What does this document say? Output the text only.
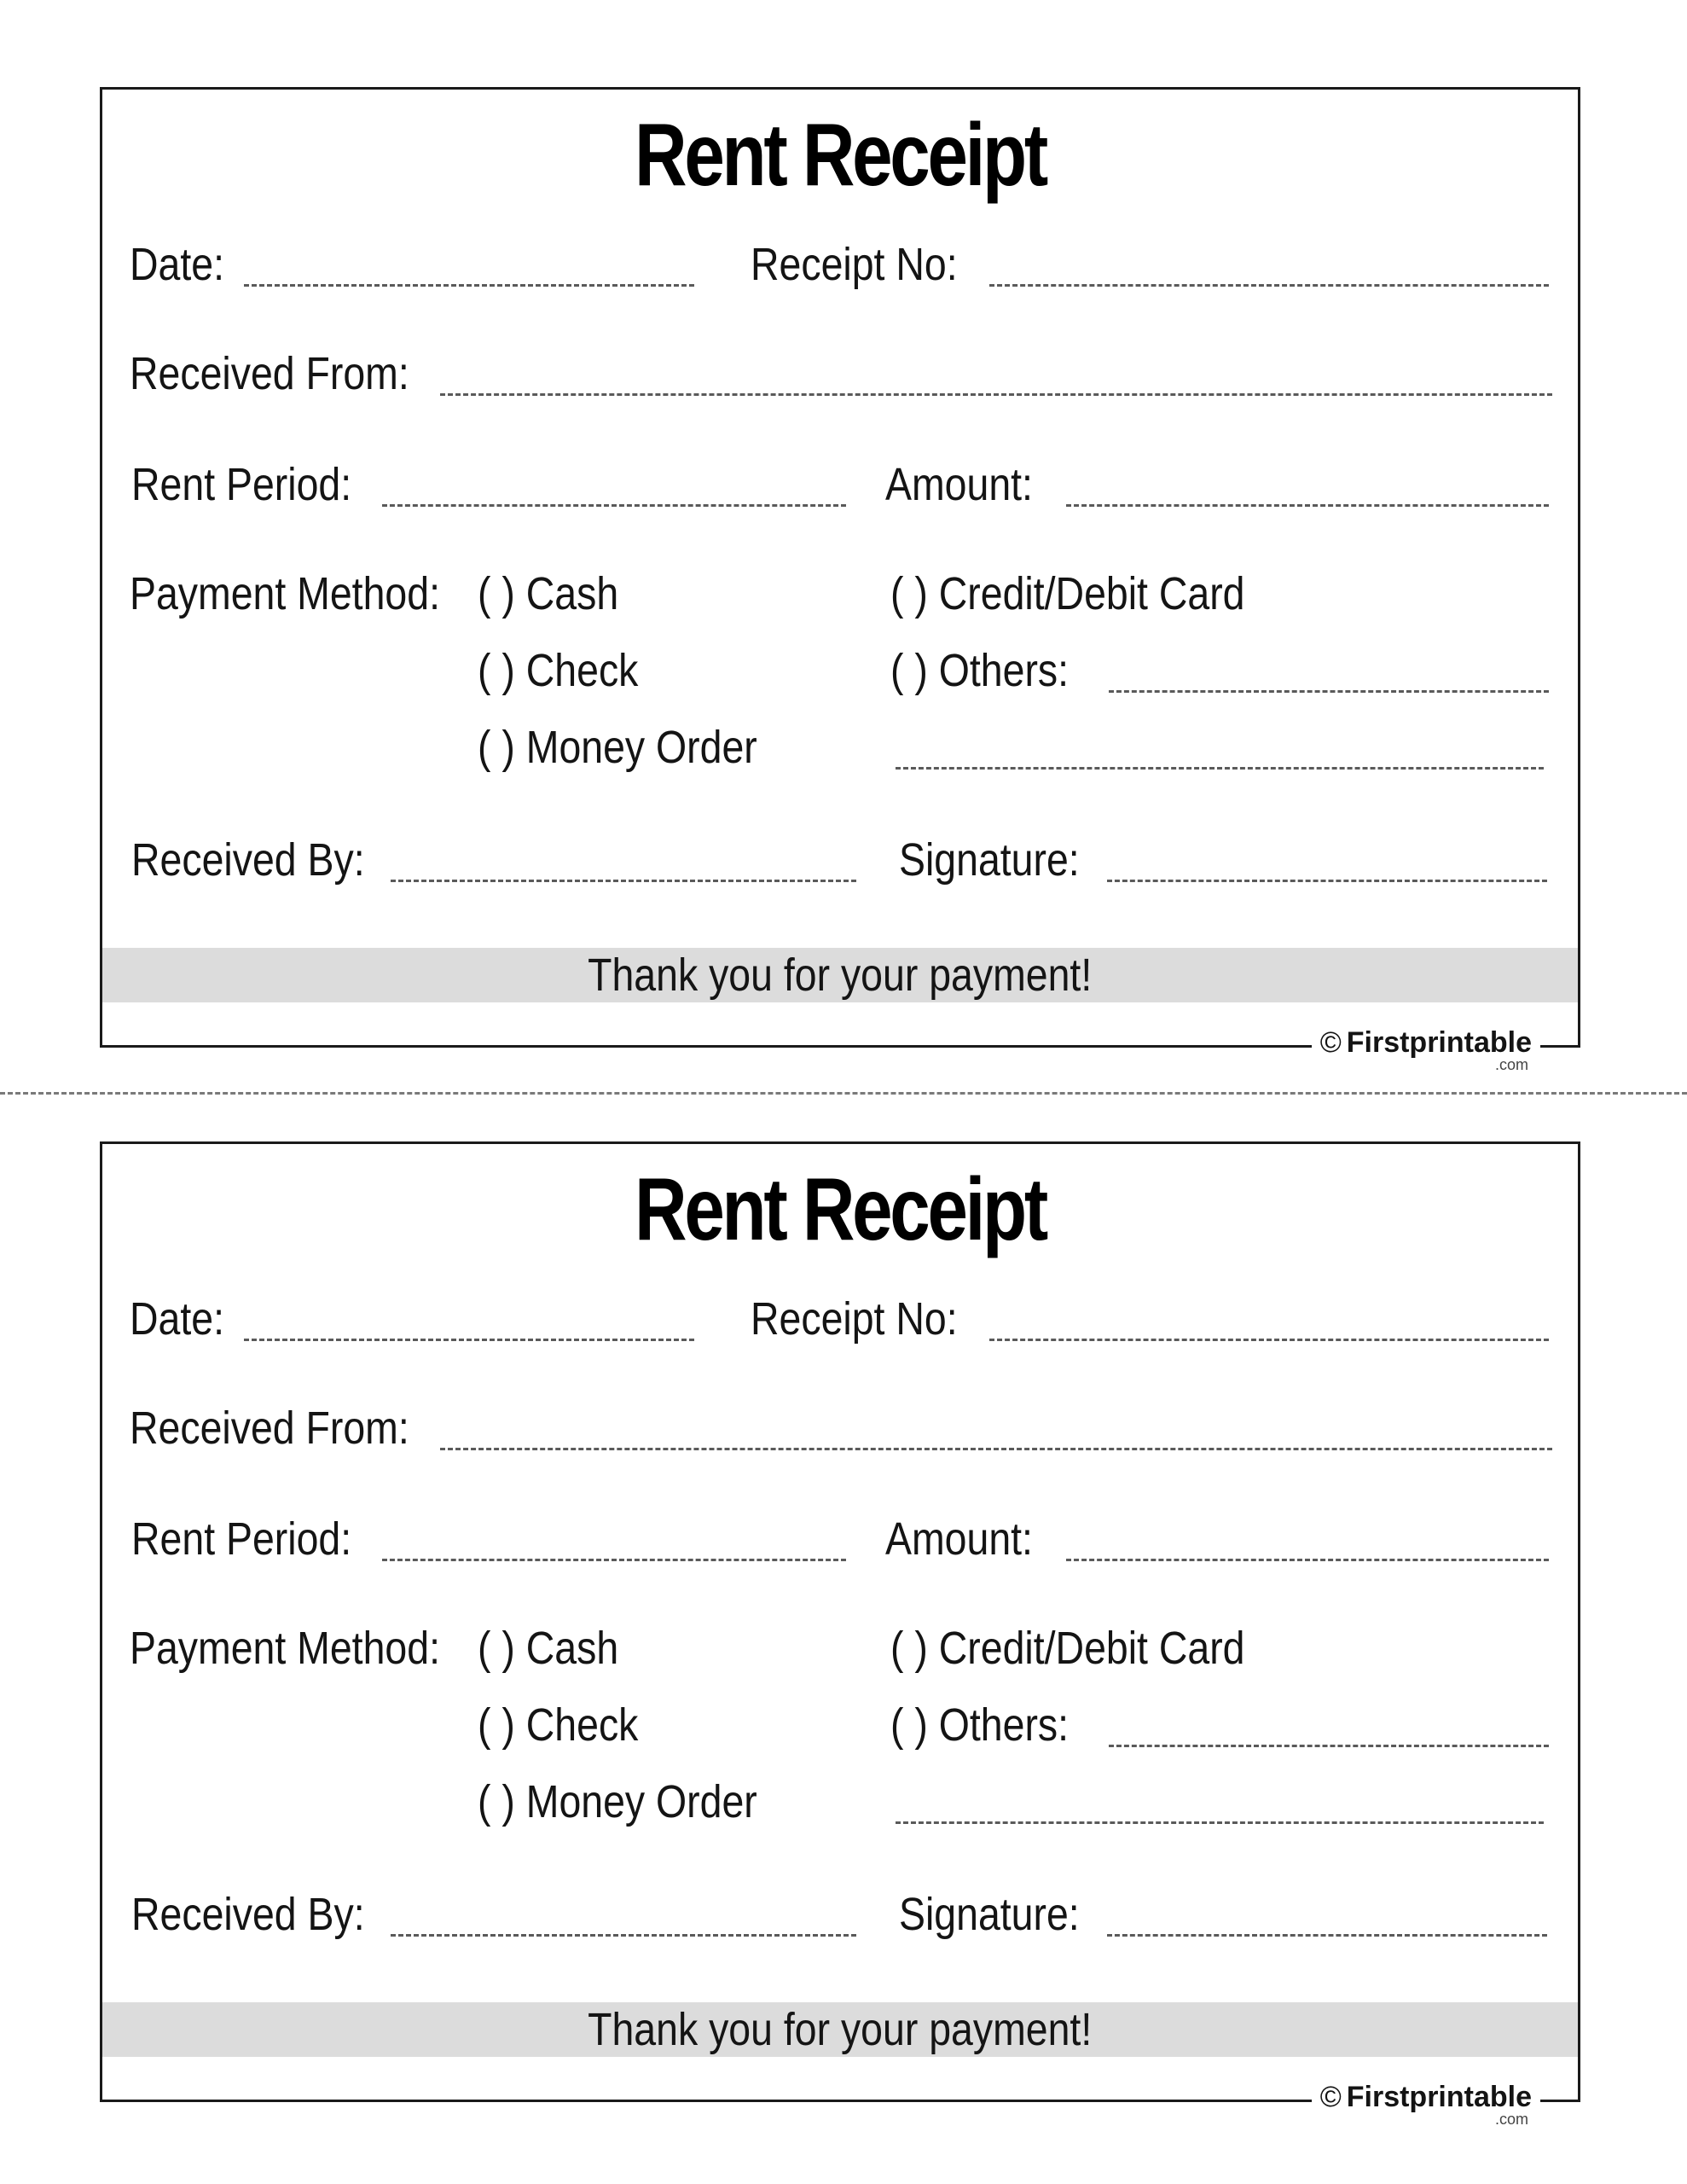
Rent Receipt
Date:	Receipt No:
Received From:
Rent Period:	Amount:
Payment Method: ( ) Cash
( ) Check
( ) Money Order
( ) Credit/Debit Card
( ) Others:
Received By:	Signature:
Thank you for your payment!
© Firstprintable
.com
Rent Receipt
Date:	Receipt No:
Received From:
Rent Period:	Amount:
Payment Method: ( ) Cash
( ) Check
( ) Money Order
( ) Credit/Debit Card
( ) Others:
Received By:	Signature:
Thank you for your payment!
© Firstprintable
.com
